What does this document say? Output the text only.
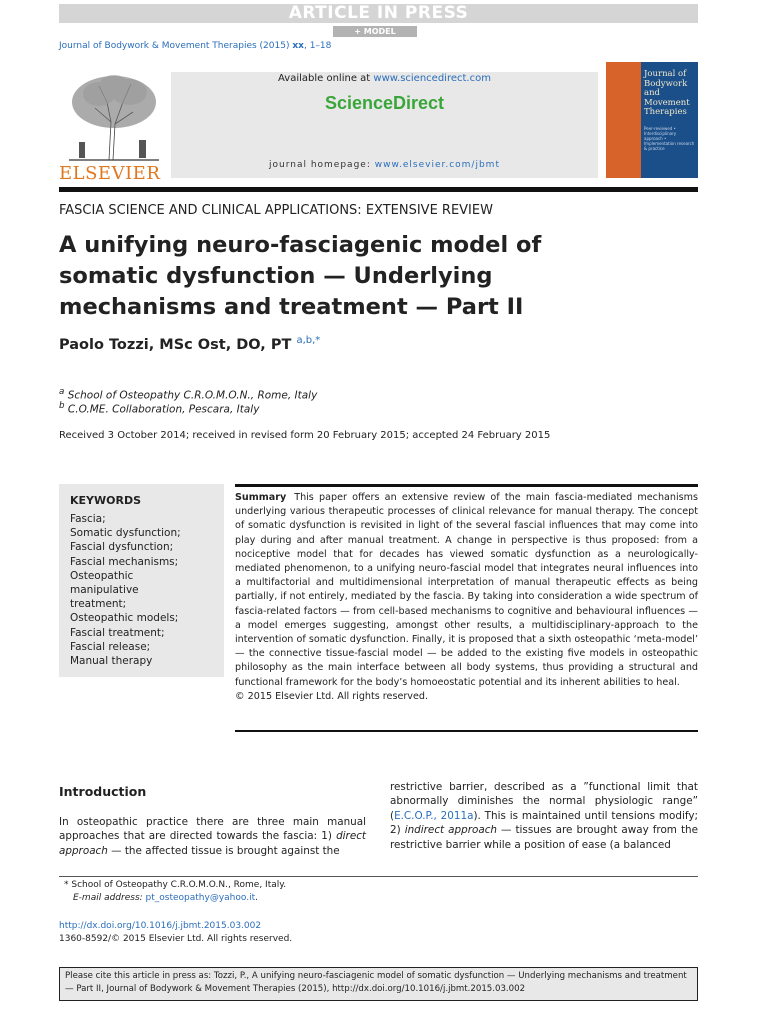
ARTICLE IN PRESS
+ MODEL
Journal of Bodywork & Movement Therapies (2015) xx, 1–18
ELSEVIER
Available online at www.sciencedirect.com
ScienceDirect
journal homepage: www.elsevier.com/jbmt
Journal of Bodywork and Movement Therapies
Peer-reviewed • Interdisciplinary approach • Implementation research & practice
FASCIA SCIENCE AND CLINICAL APPLICATIONS: EXTENSIVE REVIEW
A unifying neuro-fasciagenic model of
somatic dysfunction — Underlying
mechanisms and treatment — Part II
Paolo Tozzi, MSc Ost, DO, PT $^{a,b,*}$
$^a$ School of Osteopathy C.R.O.M.O.N., Rome, Italy
$^b$ C.O.ME. Collaboration, Pescara, Italy
Received 3 October 2014; received in revised form 20 February 2015; accepted 24 February 2015
KEYWORDS
Fascia;
Somatic dysfunction;
Fascial dysfunction;
Fascial mechanisms;
Osteopathic
manipulative
treatment;
Osteopathic models;
Fascial treatment;
Fascial release;
Manual therapy
Summary This paper offers an extensive review of the main fascia-mediated mechanisms underlying various therapeutic processes of clinical relevance for manual therapy. The concept of somatic dysfunction is revisited in light of the several fascial influences that may come into play during and after manual treatment. A change in perspective is thus proposed: from a nociceptive model that for decades has viewed somatic dysfunction as a neurologically-mediated phenomenon, to a unifying neuro-fascial model that integrates neural influences into a multifactorial and multidimensional interpretation of manual therapeutic effects as being partially, if not entirely, mediated by the fascia. By taking into consideration a wide spectrum of fascia-related factors — from cell-based mechanisms to cognitive and behavioural influences — a model emerges suggesting, amongst other results, a multidisciplinary-approach to the intervention of somatic dysfunction. Finally, it is proposed that a sixth osteopathic ‘meta-model’ — the connective tissue-fascial model — be added to the existing five models in osteopathic philosophy as the main interface between all body systems, thus providing a structural and functional framework for the body’s homoeostatic potential and its inherent abilities to heal.
© 2015 Elsevier Ltd. All rights reserved.
Introduction
In osteopathic practice there are three main manual approaches that are directed towards the fascia: 1) direct approach — the affected tissue is brought against the
restrictive barrier, described as a ”functional limit that abnormally diminishes the normal physiologic range” (E.C.O.P., 2011a). This is maintained until tensions modify; 2) indirect approach — tissues are brought away from the restrictive barrier while a position of ease (a balanced
* School of Osteopathy C.R.O.M.O.N., Rome, Italy.
E-mail address: pt_osteopathy@yahoo.it.
http://dx.doi.org/10.1016/j.jbmt.2015.03.002
1360-8592/© 2015 Elsevier Ltd. All rights reserved.
Please cite this article in press as: Tozzi, P., A unifying neuro-fasciagenic model of somatic dysfunction — Underlying mechanisms and treatment — Part II, Journal of Bodywork & Movement Therapies (2015), http://dx.doi.org/10.1016/j.jbmt.2015.03.002
